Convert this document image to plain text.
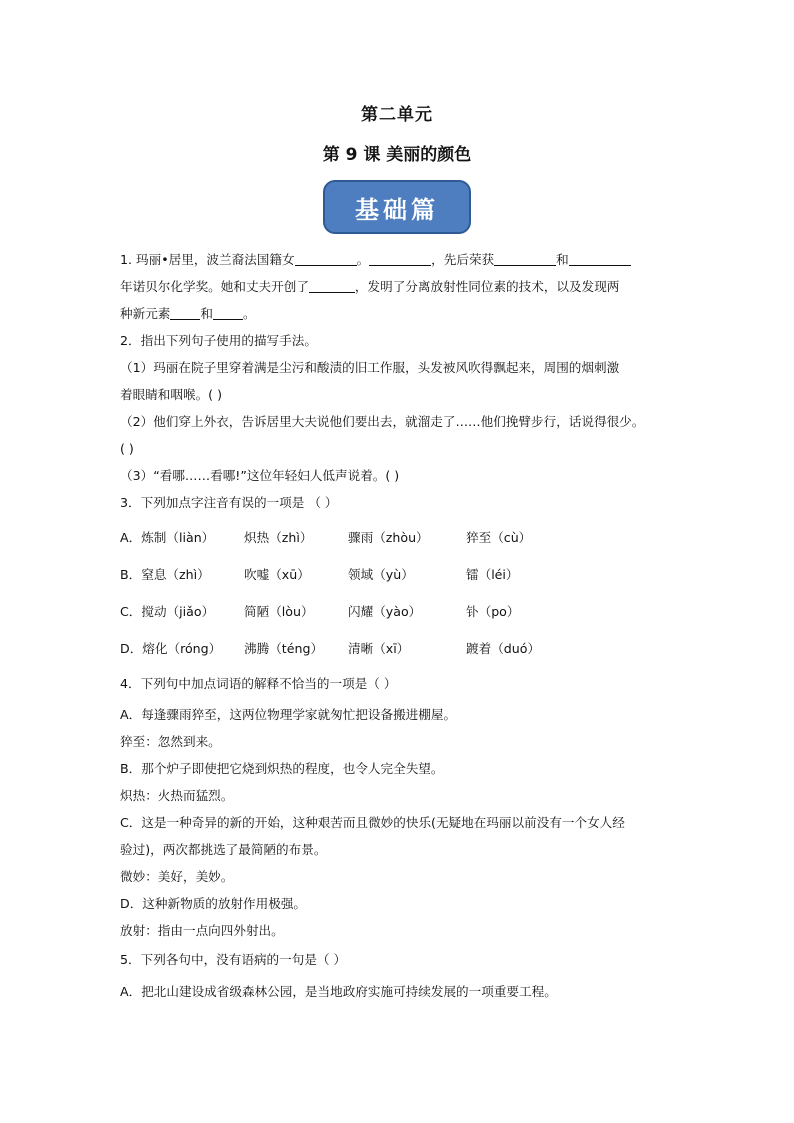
第二单元
第 9 课 美丽的颜色
基础篇
1. 玛丽•居里，波兰裔法国籍女	。	，先后荣获	和
年诺贝尔化学奖。她和丈夫开创了	，发明了分离放射性同位素的技术，以及发现两
种新元素 和 。
2．指出下列句子使用的描写手法。
（1）玛丽在院子里穿着满是尘污和酸渍的旧工作服，头发被风吹得飘起来，周围的烟刺激
着眼睛和咽喉。( )
（2）他们穿上外衣，告诉居里大夫说他们要出去，就溜走了……他们挽臂步行，话说得很少。
( )
（3）“看哪……看哪!”这位年轻妇人低声说着。( )
3．下列加点字注音有误的一项是 （ ）
A．炼制（liàn） 炽热（zhì）	骤雨（zhòu）	猝至（cù）
B．窒息（zhì）	吹嘘（xū）	领域（yù）	镭（léi）
C．搅动（jiǎo） 简陋（lòu）	闪耀（yào）	钋（po）
D．熔化（róng） 沸腾（téng） 清晰（xī）	踱着（duó）
4．下列句中加点词语的解释不恰当的一项是（ ）
A．每逢骤雨猝至，这两位物理学家就匆忙把设备搬进棚屋。
猝至：忽然到来。
B．那个炉子即使把它烧到炽热的程度，也令人完全失望。
炽热：火热而猛烈。
C．这是一种奇异的新的开始，这种艰苦而且微妙的快乐(无疑地在玛丽以前没有一个女人经
验过)，两次都挑选了最简陋的布景。
微妙：美好，美妙。
D．这种新物质的放射作用极强。
放射：指由一点向四外射出。
5．下列各句中，没有语病的一句是（ ）
A．把北山建设成省级森林公园，是当地政府实施可持续发展的一项重要工程。
